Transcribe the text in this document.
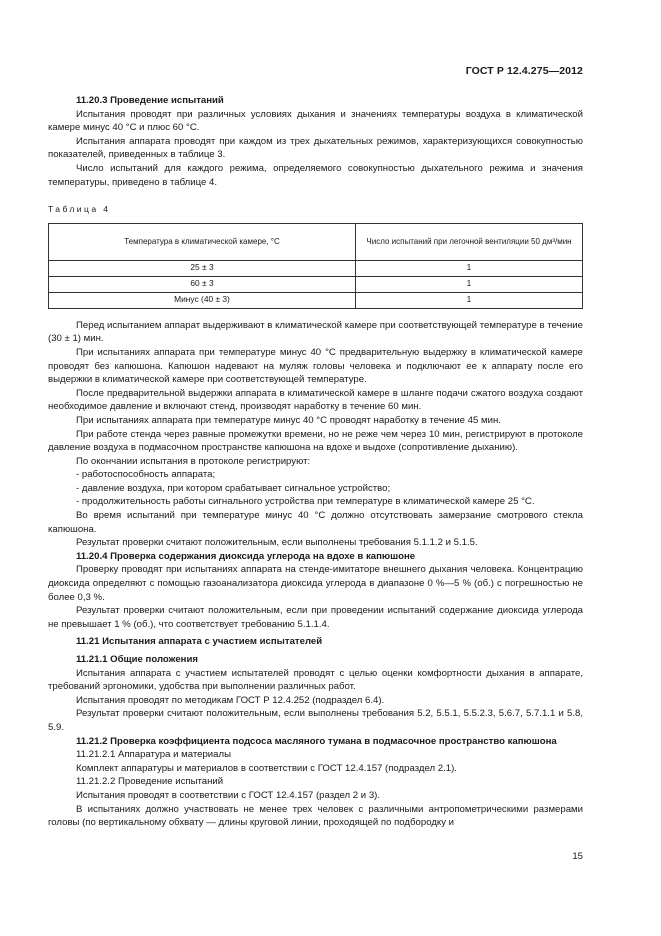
ГОСТ Р 12.4.275—2012

11.20.3 Проведение испытаний

Испытания проводят при различных условиях дыхания и значениях температуры воздуха в климатической камере минус 40 °С и плюс 60 °С.

Испытания аппарата проводят при каждом из трех дыхательных режимов, характеризующихся совокупностью показателей, приведенных в таблице 3.

Число испытаний для каждого режима, определяемого совокупностью дыхательного режима и значения температуры, приведено в таблице 4.

Таблица 4
Температура в климатической камере, °С	Число испытаний при легочной вентиляции 50 дм³/мин
25 ± 3	1
60 ± 3	1
Минус (40 ± 3)	1

Перед испытанием аппарат выдерживают в климатической камере при соответствующей температуре в течение (30 ± 1) мин.

При испытаниях аппарата при температуре минус 40 °С предварительную выдержку в климатической камере проводят без капюшона. Капюшон надевают на муляж головы человека и подключают ее к аппарату после его выдержки в климатической камере при соответствующей температуре.

После предварительной выдержки аппарата в климатической камере в шланге подачи сжатого воздуха создают необходимое давление и включают стенд, производят наработку в течение 60 мин.

При испытаниях аппарата при температуре минус 40 °С проводят наработку в течение 45 мин.

При работе стенда через равные промежутки времени, но не реже чем через 10 мин, регистрируют в протоколе давление воздуха в подмасочном пространстве капюшона на вдохе и выдохе (сопротивление дыханию).

По окончании испытания в протоколе регистрируют:

- работоспособность аппарата;

- давление воздуха, при котором срабатывает сигнальное устройство;

- продолжительность работы сигнального устройства при температуре в климатической камере 25 °С.

Во время испытаний при температуре минус 40 °С должно отсутствовать замерзание смотрового стекла капюшона.

Результат проверки считают положительным, если выполнены требования 5.1.1.2 и 5.1.5.

11.20.4 Проверка содержания диоксида углерода на вдохе в капюшоне

Проверку проводят при испытаниях аппарата на стенде-имитаторе внешнего дыхания человека. Концентрацию диоксида определяют с помощью газоанализатора диоксида углерода в диапазоне 0 %—5 % (об.) с погрешностью не более 0,3 %.

Результат проверки считают положительным, если при проведении испытаний содержание диоксида углерода не превышает 1 % (об.), что соответствует требованию 5.1.1.4.

11.21 Испытания аппарата с участием испытателей

11.21.1 Общие положения

Испытания аппарата с участием испытателей проводят с целью оценки комфортности дыхания в аппарате, требований эргономики, удобства при выполнении различных работ.

Испытания проводят по методикам ГОСТ Р 12.4.252 (подраздел 6.4).

Результат проверки считают положительным, если выполнены требования 5.2, 5.5.1, 5.5.2.3, 5.6.7, 5.7.1.1 и 5.8, 5.9.

11.21.2 Проверка коэффициента подсоса масляного тумана в подмасочное пространство капюшона

11.21.2.1 Аппаратура и материалы

Комплект аппаратуры и материалов в соответствии с ГОСТ 12.4.157 (подраздел 2.1).

11.21.2.2 Проведение испытаний

Испытания проводят в соответствии с ГОСТ 12.4.157 (раздел 2 и 3).

В испытаниях должно участвовать не менее трех человек с различными антропометрическими размерами головы (по вертикальному обхвату — длины круговой линии, проходящей по подбородку и

15
